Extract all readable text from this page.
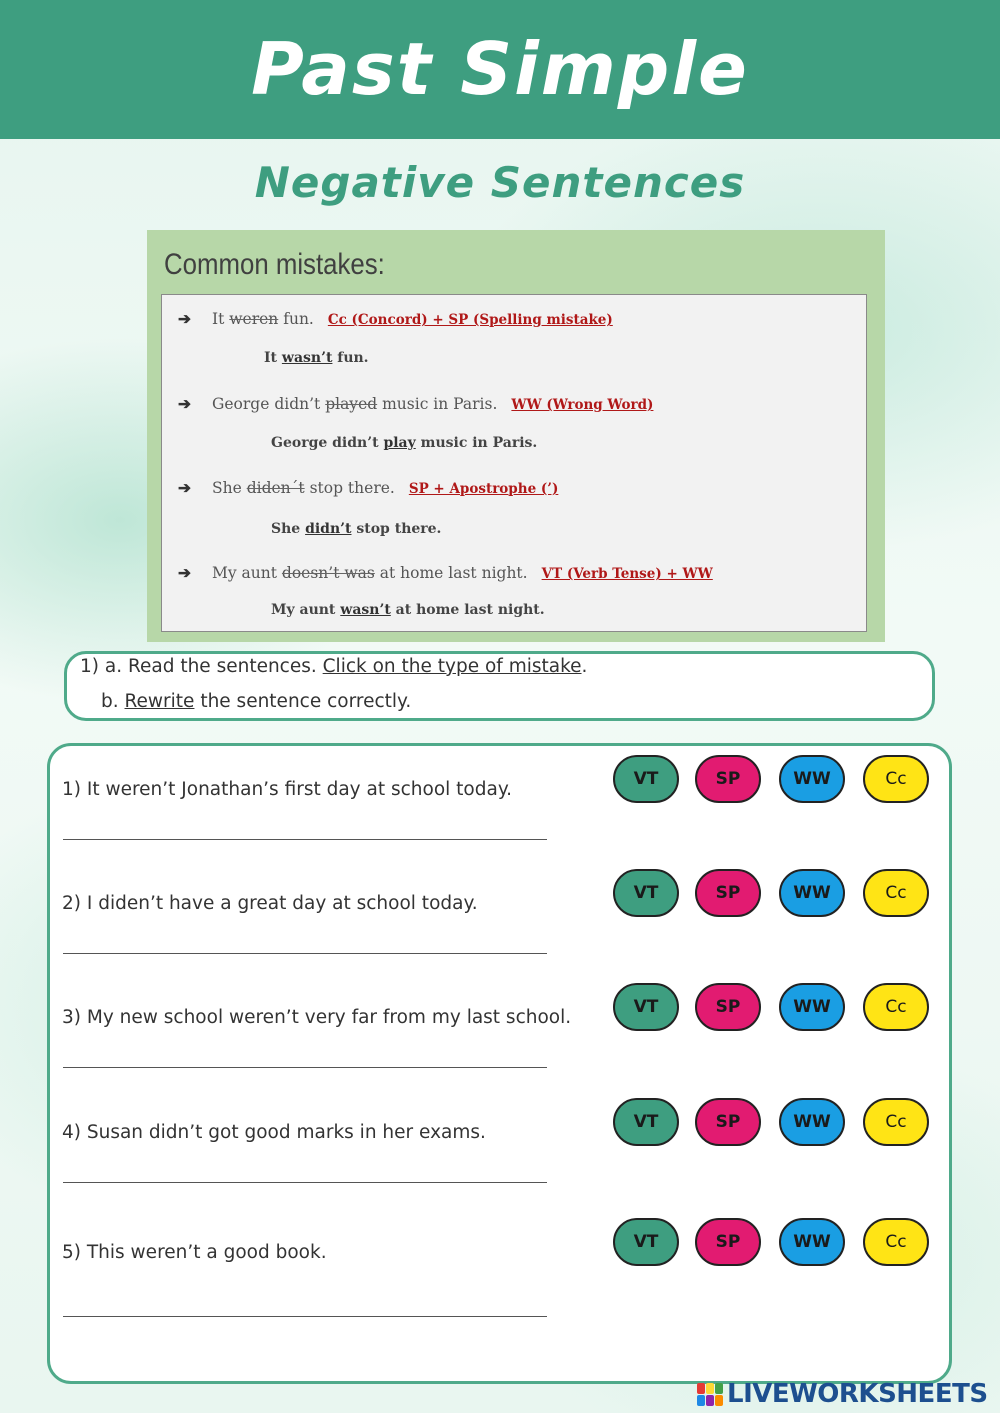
Past Simple
Negative Sentences
Common mistakes:
➔ It weren fun. Cc (Concord) + SP (Spelling mistake)
It wasn’t fun.
➔ George didn’t played music in Paris. WW (Wrong Word)
George didn’t play music in Paris.
➔ She diden´t stop there. SP + Apostrophe (’)
She didn’t stop there.
➔ My aunt doesn’t was at home last night. VT (Verb Tense) + WW
My aunt wasn’t at home last night.
1) a. Read the sentences. Click on the type of mistake.
b. Rewrite the sentence correctly.
1) It weren’t Jonathan’s first day at school today.	VT	SP	WW	Cc
2) I diden’t have a great day at school today.	VT	SP	WW	Cc
3) My new school weren’t very far from my last school.	VT	SP	WW	Cc
4) Susan didn’t got good marks in her exams.	VT	SP	WW	Cc
5) This weren’t a good book.	VT	SP	WW	Cc
LIVEWORKSHEETS
